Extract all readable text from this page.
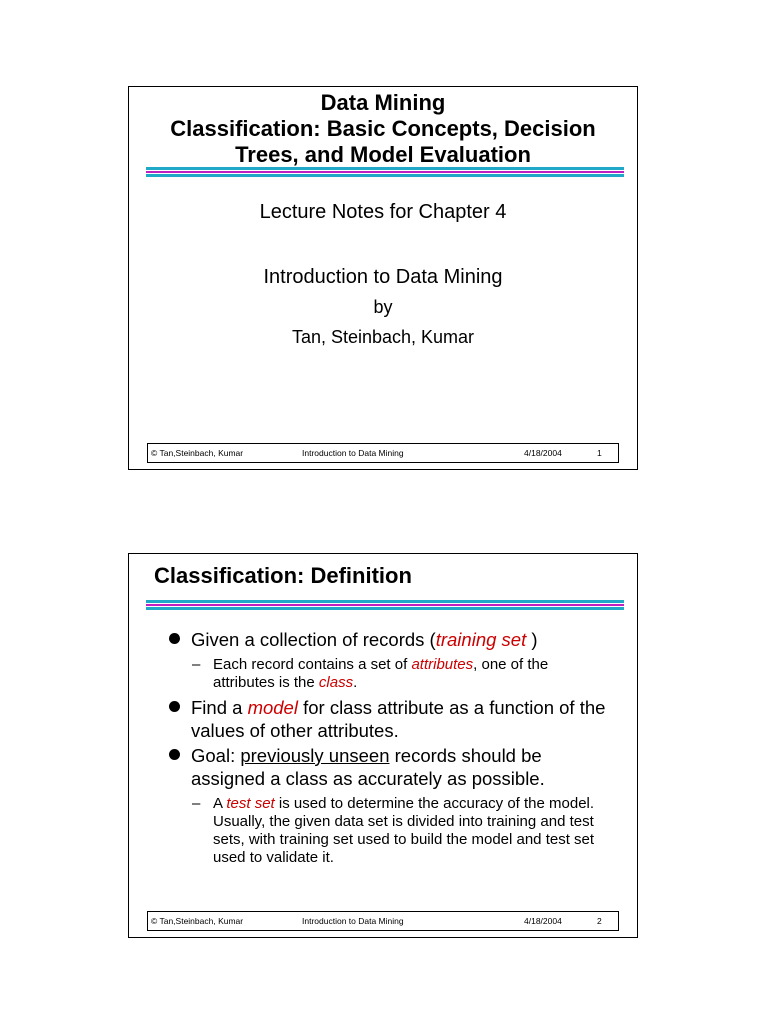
Data Mining
Classification: Basic Concepts, Decision
Trees, and Model Evaluation
Lecture Notes for Chapter 4
Introduction to Data Mining
by
Tan, Steinbach, Kumar
© Tan,Steinbach, Kumar	Introduction to Data Mining	4/18/2004	1
Classification: Definition
Given a collection of records (training set )
– Each record contains a set of attributes, one of the attributes is the class.
Find a model for class attribute as a function of the values of other attributes.
Goal: previously unseen records should be assigned a class as accurately as possible.
– A test set is used to determine the accuracy of the model. Usually, the given data set is divided into training and test sets, with training set used to build the model and test set used to validate it.
© Tan,Steinbach, Kumar	Introduction to Data Mining	4/18/2004	2
